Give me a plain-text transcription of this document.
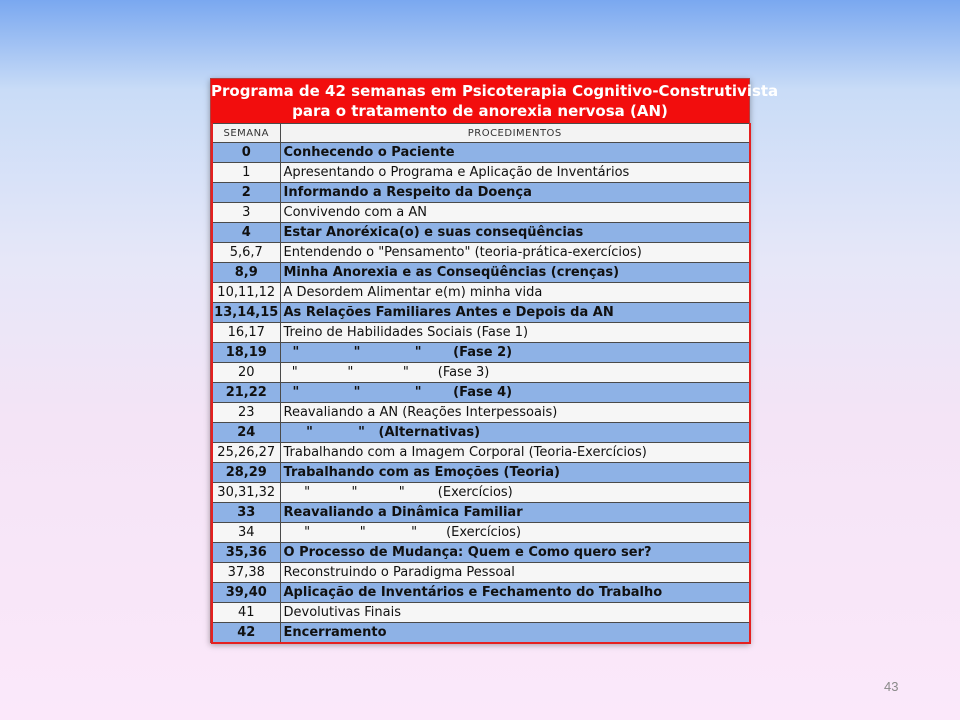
Programa de 42 semanas em Psicoterapia Cognitivo-Construtivista
para o tratamento de anorexia nervosa (AN)
SEMANA	PROCEDIMENTOS
0	Conhecendo o Paciente
1	Apresentando o Programa e Aplicação de Inventários
2	Informando a Respeito da Doença
3	Convivendo com a AN
4	Estar Anoréxica(o) e suas conseqüências
5,6,7	Entendendo o "Pensamento" (teoria-prática-exercícios)
8,9	Minha Anorexia e as Conseqüências (crenças)
10,11,12	A Desordem Alimentar e(m) minha vida
13,14,15	As Relações Familiares Antes e Depois da AN
16,17	Treino de Habilidades Sociais (Fase 1)
18,19	"            "            "       (Fase 2)
20	"            "            "       (Fase 3)
21,22	"            "            "       (Fase 4)
23	Reavaliando a AN (Reações Interpessoais)
24	"          "   (Alternativas)
25,26,27	Trabalhando com a Imagem Corporal (Teoria-Exercícios)
28,29	Trabalhando com as Emoções (Teoria)
30,31,32	"          "          "        (Exercícios)
33	Reavaliando a Dinâmica Familiar
34	"            "           "       (Exercícios)
35,36	O Processo de Mudança: Quem e Como quero ser?
37,38	Reconstruindo o Paradigma Pessoal
39,40	Aplicação de Inventários e Fechamento do Trabalho
41	Devolutivas Finais
42	Encerramento
43
